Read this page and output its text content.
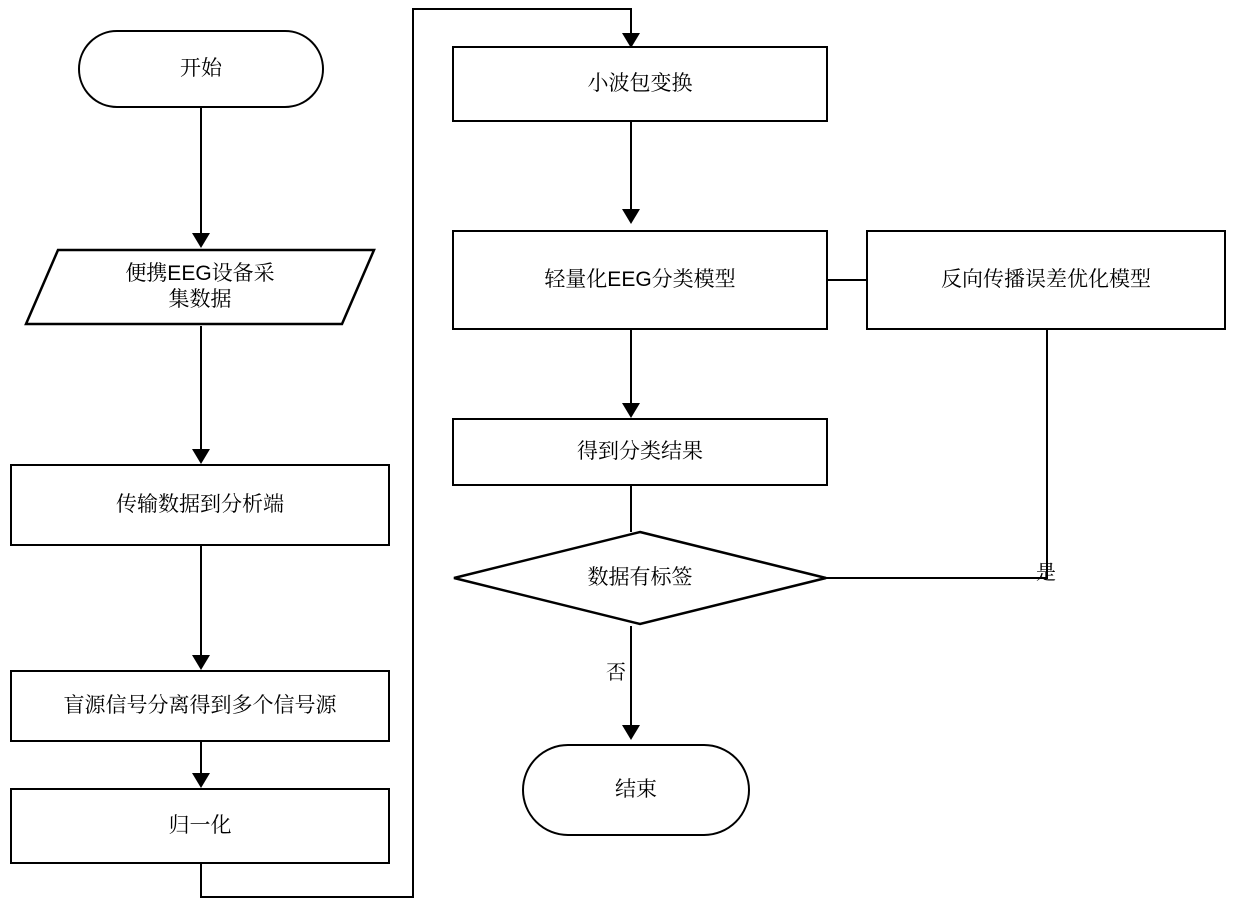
开始
便携EEG设备采
集数据
传输数据到分析端
盲源信号分离得到多个信号源
归一化
小波包变换
轻量化EEG分类模型	反向传播误差优化模型
得到分类结果
数据有标签	是
否
结束
